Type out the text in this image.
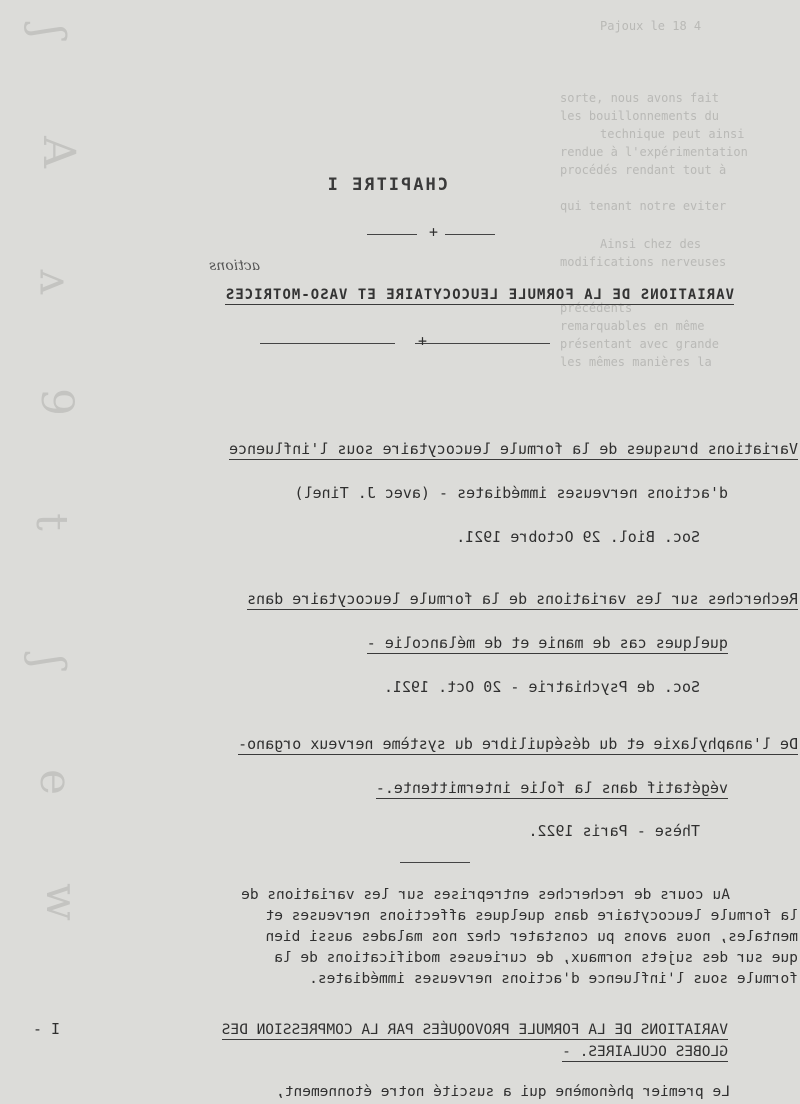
Pajoux le 18 4
sorte, nous avons fait
les bouillonnements du
technique peut ainsi
rendue à l'expérimentation
procédés rendant tout à
qui tenant notre eviter
Ainsi chez des
modifications nerveuses
précédents
remarquables en même
présentant avec grande
les mêmes manières la
ʃ
A
ʌ
9
t
ʃ
e
w
CHAPITRE I
+
actions
VARIATIONS DE LA FORMULE LEUCOCYTAIRE ET VASO-MOTRICES
+
Variations brusques de la formule leucocytaire sous l'influence
d'actions nerveuses immédiates - (avec J. Tinel)
Soc. Biol. 29 Octobre 1921.
Recherches sur les variations de la formule leucocytaire dans
quelques cas de manie et de mélancolie -
Soc. de Psychiatrie - 20 Oct. 1921.
De l'anaphylaxie et du déséquilibre du système nerveux organo-
végétatif dans la folie intermittente.-
Thèse - Paris 1922.
Au cours de recherches entreprises sur les variations de
la formule leucocytaire dans quelques affections nerveuses et
mentales, nous avons pu constater chez nos malades aussi bien
que sur des sujets normaux, de curieuses modifications de la
formule sous l'influence d'actions nerveuses immédiates.
I -	VARIATIONS DE LA FORMULE PROVOQUÉES PAR LA COMPRESSION DES
GLOBES OCULAIRES. -
Le premier phénomène qui a suscité notre étonnement,
